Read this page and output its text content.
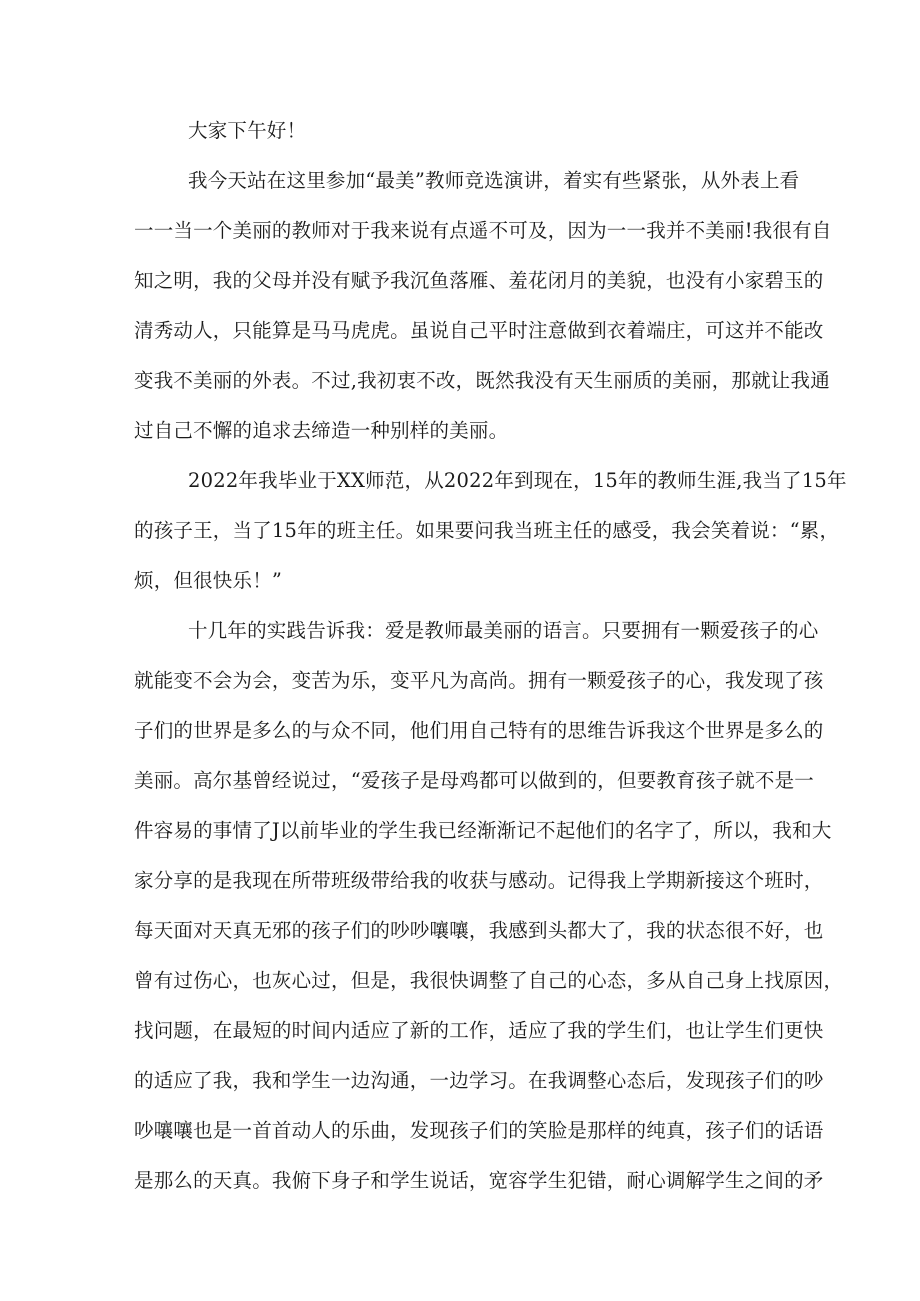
大家下午好！
我今天站在这里参加“最美”教师竞选演讲，着实有些紧张，从外表上看
一一当一个美丽的教师对于我来说有点遥不可及，因为一一我并不美丽!我很有自
知之明，我的父母并没有赋予我沉鱼落雁、羞花闭月的美貌，也没有小家碧玉的
清秀动人，只能算是马马虎虎。虽说自己平时注意做到衣着端庄，可这并不能改
变我不美丽的外表。不过,我初衷不改，既然我没有天生丽质的美丽，那就让我通
过自己不懈的追求去缔造一种别样的美丽。
2022年我毕业于XX师范，从2022年到现在，15年的教师生涯,我当了15年
的孩子王，当了15年的班主任。如果要问我当班主任的感受，我会笑着说：“累，
烦，但很快乐！”
十几年的实践告诉我：爱是教师最美丽的语言。只要拥有一颗爱孩子的心
就能变不会为会，变苦为乐，变平凡为高尚。拥有一颗爱孩子的心，我发现了孩
子们的世界是多么的与众不同，他们用自己特有的思维告诉我这个世界是多么的
美丽。高尔基曾经说过，“爱孩子是母鸡都可以做到的，但要教育孩子就不是一
件容易的事情了J以前毕业的学生我已经渐渐记不起他们的名字了，所以，我和大
家分享的是我现在所带班级带给我的收获与感动。记得我上学期新接这个班时，
每天面对天真无邪的孩子们的吵吵嚷嚷，我感到头都大了，我的状态很不好，也
曾有过伤心，也灰心过，但是，我很快调整了自己的心态，多从自己身上找原因，
找问题，在最短的时间内适应了新的工作，适应了我的学生们，也让学生们更快
的适应了我，我和学生一边沟通，一边学习。在我调整心态后，发现孩子们的吵
吵嚷嚷也是一首首动人的乐曲，发现孩子们的笑脸是那样的纯真，孩子们的话语
是那么的天真。我俯下身子和学生说话，宽容学生犯错，耐心调解学生之间的矛
